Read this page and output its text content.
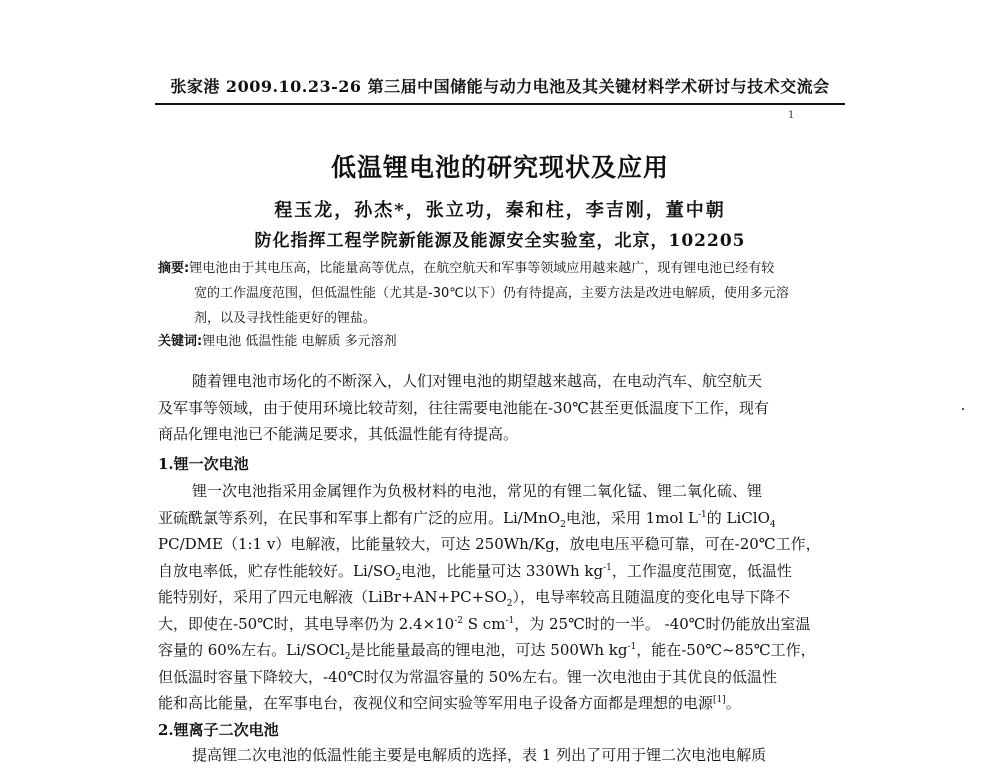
张家港 2009.10.23-26 第三届中国储能与动力电池及其关键材料学术研讨与技术交流会
1
低温锂电池的研究现状及应用
程玉龙，孙杰*，张立功，秦和柱，李吉刚，董中朝
防化指挥工程学院新能源及能源安全实验室，北京，102205
摘要:锂电池由于其电压高，比能量高等优点，在航空航天和军事等领域应用越来越广，现有锂电池已经有较
宽的工作温度范围，但低温性能（尤其是-30℃以下）仍有待提高，主要方法是改进电解质，使用多元溶
剂，以及寻找性能更好的锂盐。
关键词:锂电池 低温性能 电解质 多元溶剂
随着锂电池市场化的不断深入，人们对锂电池的期望越来越高，在电动汽车、航空航天
及军事等领域，由于使用环境比较苛刻，往往需要电池能在-30℃甚至更低温度下工作，现有
商品化锂电池已不能满足要求，其低温性能有待提高。
1.锂一次电池
锂一次电池指采用金属锂作为负极材料的电池，常见的有锂二氧化锰、锂二氧化硫、锂
亚硫酰氯等系列，在民事和军事上都有广泛的应用。Li/MnO$_2$电池，采用 1mol $L^{-1}$的 LiClO$_4$
PC/DME（1:1 v）电解液，比能量较大，可达 250Wh/Kg，放电电压平稳可靠，可在-20℃工作，
自放电率低，贮存性能较好。$Li/SO_2$电池，比能量可达 330Wh $kg^{-1}$，工作温度范围宽，低温性
能特别好，采用了四元电解液$(LiBr+AN+PC+SO_2)$，电导率较高且随温度的变化电导下降不
大，即使在-50℃时，其电导率仍为 $2.4\times 10^{-2}$ S $cm^{-1}$，为 25℃时的一半。 -40℃时仍能放出室温
容量的 60%左右。Li/SOCl$_2$是比能量最高的锂电池，可达 500Wh $kg^{-1}$，能在-50℃~85℃工作，
但低温时容量下降较大，-40℃时仅为常温容量的 50%左右。锂一次电池由于其优良的低温性
能和高比能量，在军事电台，夜视仪和空间实验等军用电子设备方面都是理想的电源[1]。
2.锂离子二次电池
提高锂二次电池的低温性能主要是电解质的选择，表 1 列出了可用于锂二次电池电解质
